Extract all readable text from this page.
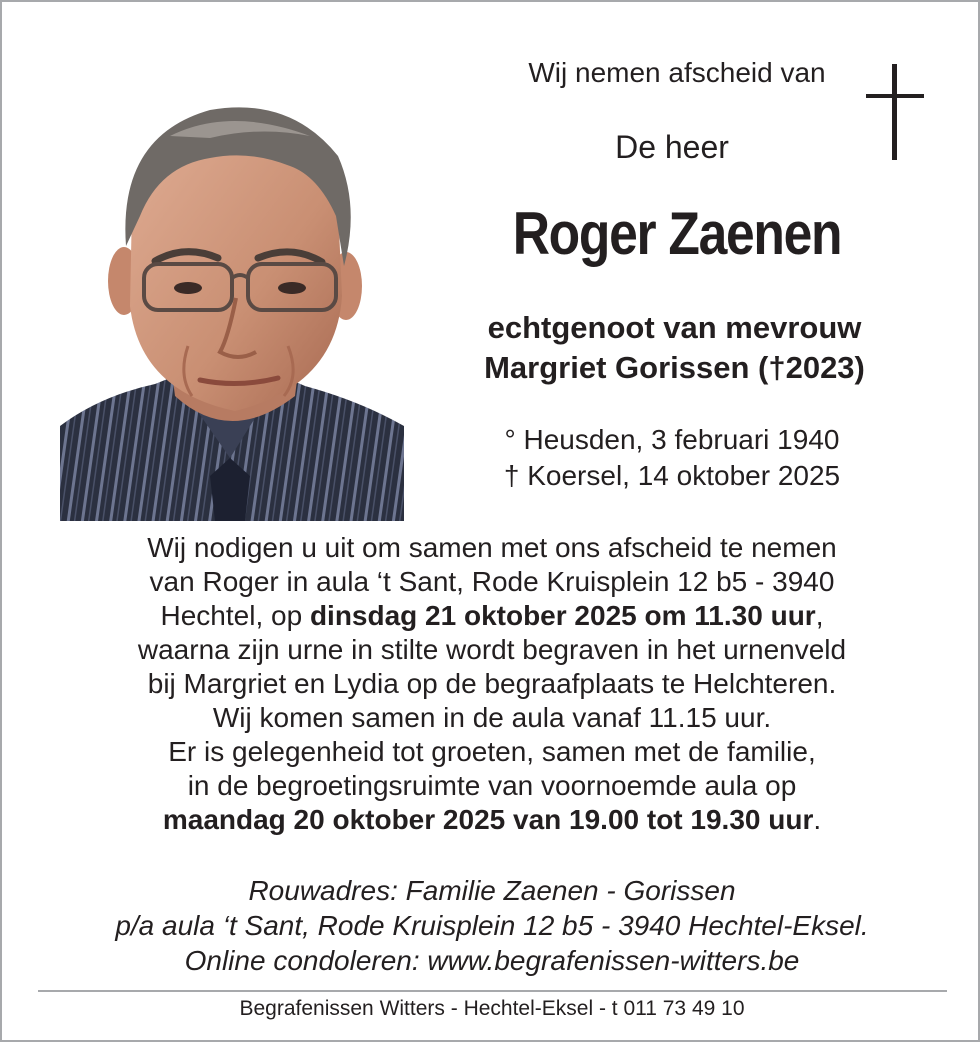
Wij nemen afscheid van
De heer
Roger Zaenen
echtgenoot van mevrouw
Margriet Gorissen (†2023)
° Heusden, 3 februari 1940
† Koersel, 14 oktober 2025
Wij nodigen u uit om samen met ons afscheid te nemen
van Roger in aula ‘t Sant, Rode Kruisplein 12 b5 - 3940
Hechtel, op dinsdag 21 oktober 2025 om 11.30 uur,
waarna zijn urne in stilte wordt begraven in het urnenveld
bij Margriet en Lydia op de begraafplaats te Helchteren.
Wij komen samen in de aula vanaf 11.15 uur.
Er is gelegenheid tot groeten, samen met de familie,
in de begroetingsruimte van voornoemde aula op
maandag 20 oktober 2025 van 19.00 tot 19.30 uur.
Rouwadres: Familie Zaenen - Gorissen
p/a aula ‘t Sant, Rode Kruisplein 12 b5 - 3940 Hechtel-Eksel.
Online condoleren: www.begrafenissen-witters.be
Begrafenissen Witters - Hechtel-Eksel - t 011 73 49 10
